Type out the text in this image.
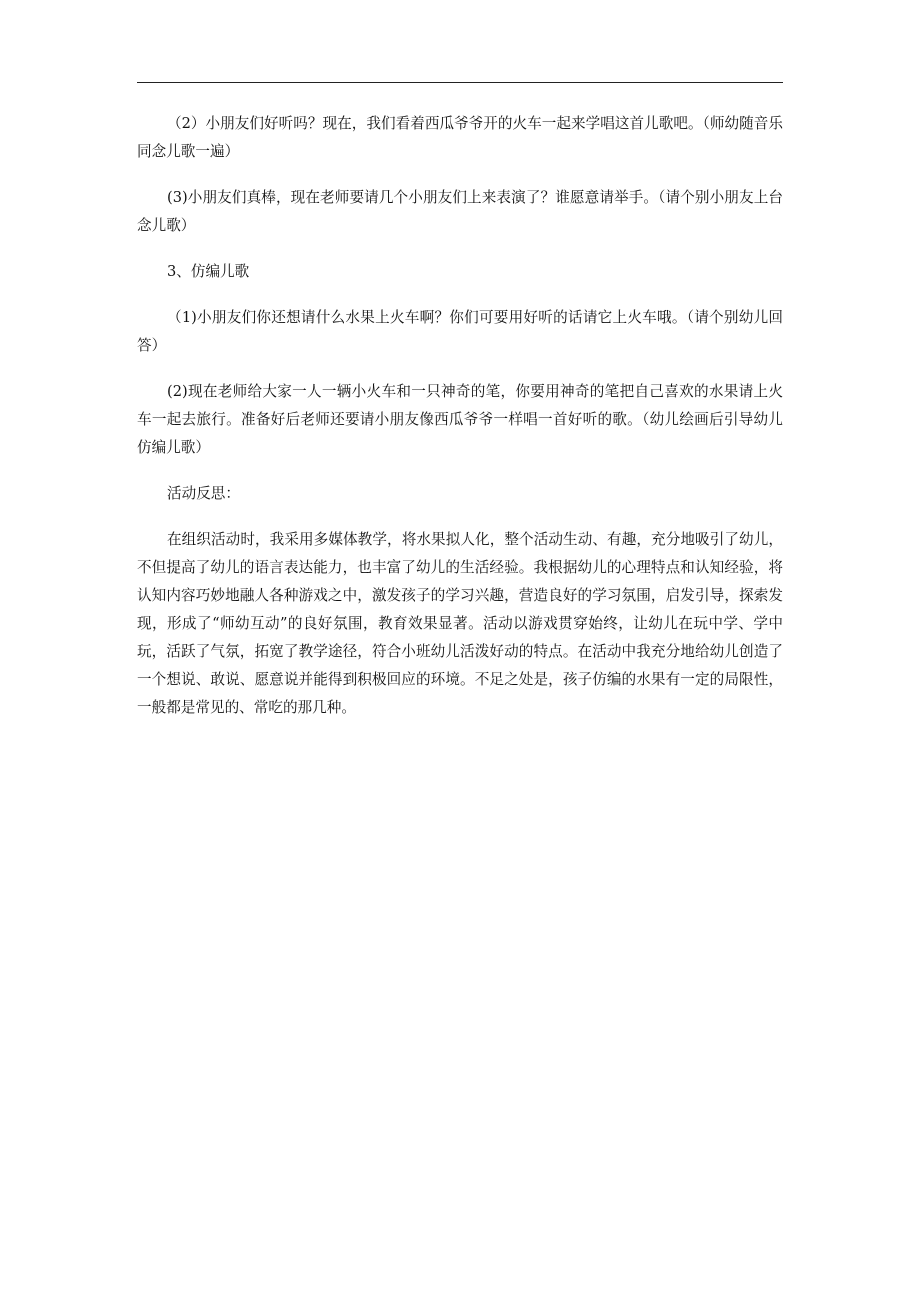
（2）小朋友们好听吗？现在，我们看着西瓜爷爷开的火车一起来学唱这首儿歌吧。（师幼随音乐同念儿歌一遍）

(3)小朋友们真棒，现在老师要请几个小朋友们上来表演了？谁愿意请举手。（请个别小朋友上台念儿歌）

3、仿编儿歌

（1)小朋友们你还想请什么水果上火车啊？你们可要用好听的话请它上火车哦。（请个别幼儿回答）

(2)现在老师给大家一人一辆小火车和一只神奇的笔，你要用神奇的笔把自己喜欢的水果请上火车一起去旅行。准备好后老师还要请小朋友像西瓜爷爷一样唱一首好听的歌。（幼儿绘画后引导幼儿仿编儿歌）

活动反思：

在组织活动时，我采用多媒体教学，将水果拟人化，整个活动生动、有趣，充分地吸引了幼儿，不但提高了幼儿的语言表达能力，也丰富了幼儿的生活经验。我根据幼儿的心理特点和认知经验，将认知内容巧妙地融人各种游戏之中，激发孩子的学习兴趣，营造良好的学习氛围，启发引导，探索发现，形成了“师幼互动”的良好氛围，教育效果显著。活动以游戏贯穿始终，让幼儿在玩中学、学中玩，活跃了气氛，拓宽了教学途径，符合小班幼儿活泼好动的特点。在活动中我充分地给幼儿创造了一个想说、敢说、愿意说并能得到积极回应的环境。不足之处是，孩子仿编的水果有一定的局限性，一般都是常见的、常吃的那几种。
